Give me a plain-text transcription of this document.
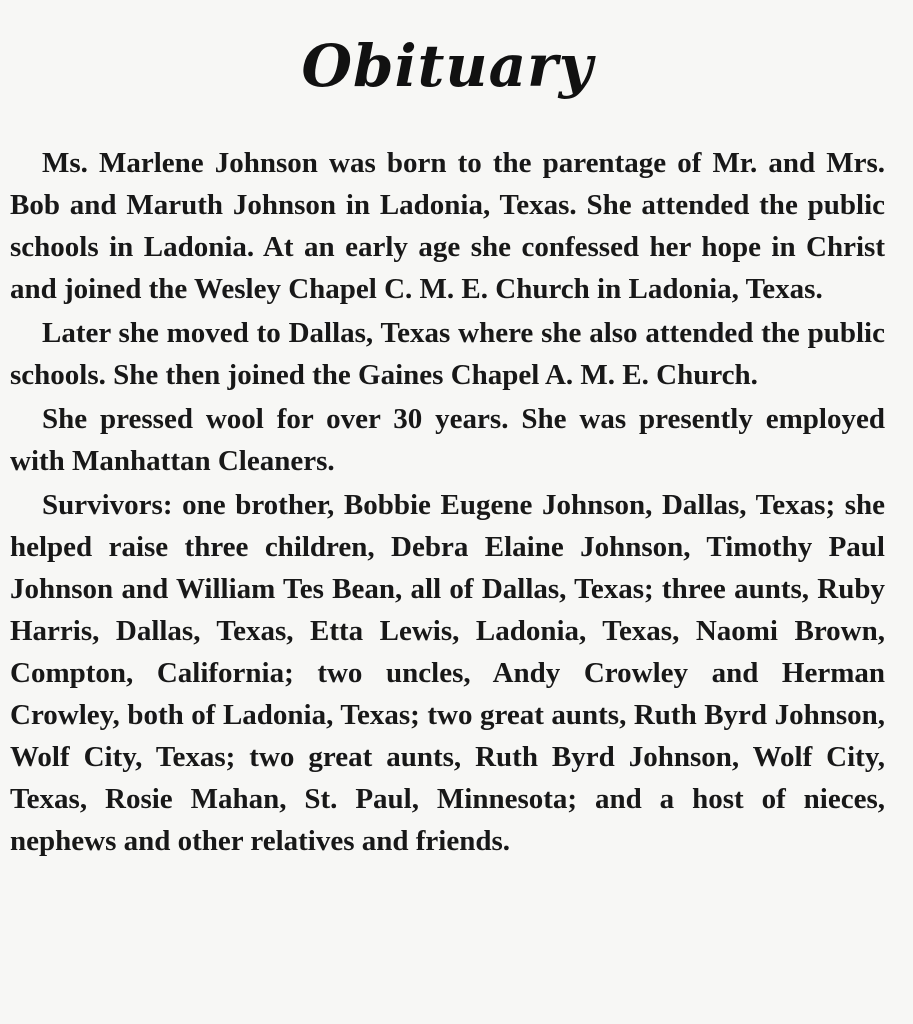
Obituary

Ms. Marlene Johnson was born to the parentage of Mr. and Mrs. Bob and Maruth Johnson in Ladonia, Texas. She attended the public schools in Ladonia. At an early age she confessed her hope in Christ and joined the Wesley Chapel C. M. E. Church in Ladonia, Texas.

Later she moved to Dallas, Texas where she also attended the public schools. She then joined the Gaines Chapel A. M. E. Church.

She pressed wool for over 30 years. She was presently employed with Manhattan Cleaners.

Survivors: one brother, Bobbie Eugene Johnson, Dallas, Texas; she helped raise three children, Debra Elaine Johnson, Timothy Paul Johnson and William Tes Bean, all of Dallas, Texas; three aunts, Ruby Harris, Dallas, Texas, Etta Lewis, Ladonia, Texas, Naomi Brown, Compton, California; two uncles, Andy Crowley and Herman Crowley, both of Ladonia, Texas; two great aunts, Ruth Byrd Johnson, Wolf City, Texas; two great aunts, Ruth Byrd Johnson, Wolf City, Texas, Rosie Mahan, St. Paul, Minnesota; and a host of nieces, nephews and other relatives and friends.
